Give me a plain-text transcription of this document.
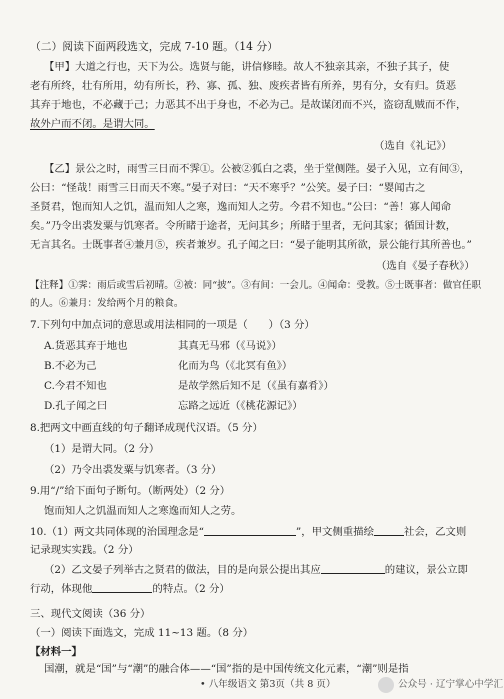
（二）阅读下面两段选文，完成 7-10 题。（14 分）
【甲】大道之行也，天下为公。选贤与能，讲信修睦。故人不独亲其亲，不独子其子，使
老有所终，壮有所用，幼有所长，矜、寡、孤、独、废疾者皆有所养，男有分，女有归。货恶
其弃于地也，不必藏于己；力恶其不出于身也，不必为己。是故谋闭而不兴，盗窃乱贼而不作，
故外户而不闭。是谓大同。
（选自《礼记》）
【乙】景公之时，雨雪三日而不霁①。公被②狐白之裘，坐于堂侧陛。晏子入见，立有间③，
公曰：“怪哉！雨雪三日而天不寒。”晏子对曰：“天不寒乎？”公笑。晏子曰：“婴闻古之
圣贤君，饱而知人之饥，温而知人之寒，逸而知人之劳。今君不知也。”公曰：“善！寡人闻命
矣。”乃令出裘发粟与饥寒者。令所睹于途者，无问其乡；所睹于里者，无问其家；循国计数，
无言其名。士既事者④兼月⑤，疾者兼岁。孔子闻之曰：“晏子能明其所欲，景公能行其所善也。”
（选自《晏子春秋》）
【注释】①霁：雨后或雪后初晴。②被：同“披”。③有间：一会儿。④闻命：受教。⑤士既事者：做官任职
的人。⑥兼月：发给两个月的粮食。
7.下列句中加点词的意思或用法相同的一项是（　　）（3 分）
A.货恶其弃于地也	其真无马邪（《马说》）
B.不必为己	化而为鸟（《北冥有鱼》）
C.今君不知也	是故学然后知不足（《虽有嘉肴》）
D.孔子闻之曰	忘路之远近（《桃花源记》）
8.把两文中画直线的句子翻译成现代汉语。（5 分）
（1）是谓大同。（2 分）
（2）乃令出裘发粟与饥寒者。（3 分）
9.用“/”给下面句子断句。（断两处）（2 分）
饱而知人之饥温而知人之寒逸而知人之劳。
10.（1）两文共同体现的治国理念是“	”，甲文侧重描绘	社会，乙文则
记录现实实践。（2 分）
（2）乙文晏子列举古之贤君的做法，目的是向景公提出其应	的建议，景公立即
行动，体现他	的特点。（2 分）
三、现代文阅读（36 分）
（一）阅读下面选文，完成 11~13 题。（8 分）
【材料一】
国潮，就是“国”与“潮”的融合体——“国”指的是中国传统文化元素，“潮”则是指
• 八年级语文 第3页（共 8 页）	公众号 · 辽宁掌心中学汇
